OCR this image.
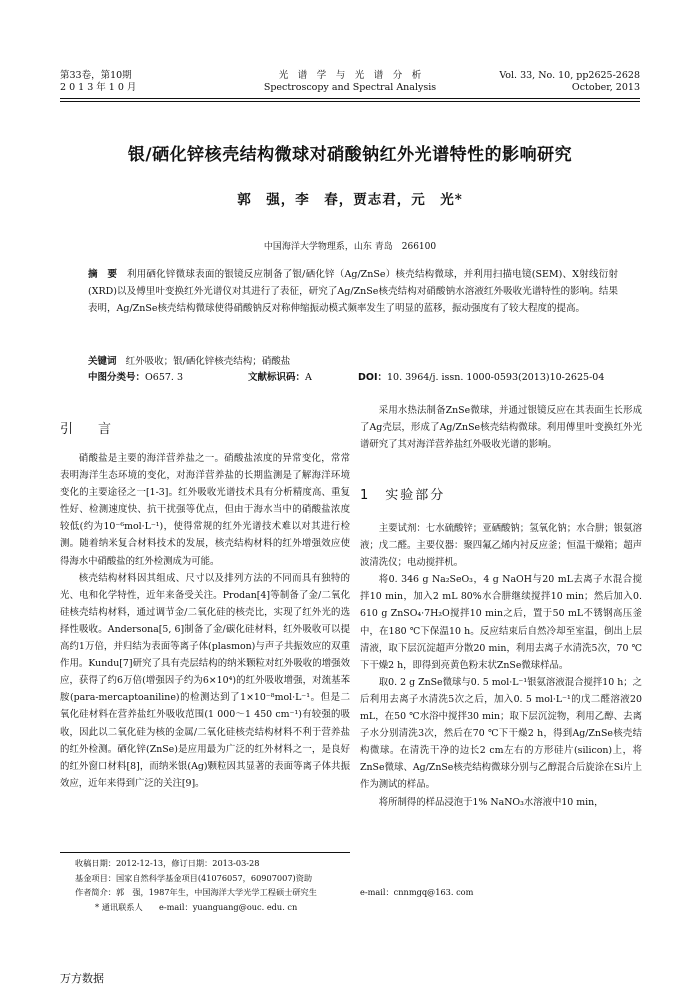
第33卷，第10期
2 0 1 3 年 1 0 月
光　谱　学　与　光　谱　分　析
Spectroscopy and Spectral Analysis
Vol. 33, No. 10, pp2625-2628
October, 2013
银/硒化锌核壳结构微球对硝酸钠红外光谱特性的影响研究
郭　强，李　春，贾志君，元　光*
中国海洋大学物理系，山东 青岛　266100
摘　要 利用硒化锌微球表面的银镜反应制备了银/硒化锌（Ag/ZnSe）核壳结构微球，并利用扫描电镜(SEM)、X射线衍射(XRD)以及傅里叶变换红外光谱仪对其进行了表征，研究了Ag/ZnSe核壳结构对硝酸钠水溶液红外吸收光谱特性的影响。结果表明，Ag/ZnSe核壳结构微球使得硝酸钠反对称伸缩振动模式频率发生了明显的蓝移，振动强度有了较大程度的提高。
关键词 红外吸收；银/硒化锌核壳结构；硝酸盐
中图分类号：O657. 3	文献标识码：A	DOI：10. 3964/j. issn. 1000-0593(2013)10-2625-04
引　言

硝酸盐是主要的海洋营养盐之一。硝酸盐浓度的异常变化，常常表明海洋生态环境的变化，对海洋营养盐的长期监测是了解海洋环境变化的主要途径之一[1-3]。红外吸收光谱技术具有分析精度高、重复性好、检测速度快、抗干扰强等优点，但由于海水当中的硝酸盐浓度较低(约为10⁻⁶mol·L⁻¹)，使得常规的红外光谱技术难以对其进行检测。随着纳米复合材料技术的发展，核壳结构材料的红外增强效应使得海水中硝酸盐的红外检测成为可能。

核壳结构材料因其组成、尺寸以及排列方法的不同而具有独特的光、电和化学特性，近年来备受关注。Prodan[4]等制备了金/二氧化硅核壳结构材料，通过调节金/二氧化硅的核壳比，实现了红外光的选择性吸收。Andersona[5, 6]制备了金/碳化硅材料，红外吸收可以提高约1万倍，并归结为表面等离子体(plasmon)与声子共振效应的双重作用。Kundu[7]研究了具有壳层结构的纳米颗粒对红外吸收的增强效应，获得了约6万倍(增强因子约为6×10⁴)的红外吸收增强，对巯基苯胺(para-mercaptoaniline)的检测达到了1×10⁻⁸mol·L⁻¹。但是二氧化硅材料在营养盐红外吸收范围(1 000～1 450 cm⁻¹)有较强的吸收，因此以二氧化硅为核的金属/二氧化硅核壳结构材料不利于营养盐的红外检测。硒化锌(ZnSe)是应用最为广泛的红外材料之一，是良好的红外窗口材料[8]，而纳米银(Ag)颗粒因其显著的表面等离子体共振效应，近年来得到广泛的关注[9]。

采用水热法制备ZnSe微球，并通过银镜反应在其表面生长形成了Ag壳层，形成了Ag/ZnSe核壳结构微球。利用傅里叶变换红外光谱研究了其对海洋营养盐红外吸收光谱的影响。

1　实验部分

主要试剂：七水硫酸锌；亚硒酸钠；氢氧化钠；水合肼；银氨溶液；戊二醛。主要仪器：聚四氟乙烯内衬反应釜；恒温干燥箱；超声波清洗仪；电动搅拌机。

将0. 346 g Na₂SeO₃，4 g NaOH与20 mL去离子水混合搅拌10 min，加入2 mL 80%水合肼继续搅拌10 min；然后加入0. 610 g ZnSO₄·7H₂O搅拌10 min之后，置于50 mL不锈钢高压釜中，在180 ℃下保温10 h。反应结束后自然冷却至室温，倒出上层清液，取下层沉淀超声分散20 min，利用去离子水清洗5次，70 ℃下干燥2 h，即得到亮黄色粉末状ZnSe微球样品。

取0. 2 g ZnSe微球与0. 5 mol·L⁻¹银氨溶液混合搅拌10 h；之后利用去离子水清洗5次之后，加入0. 5 mol·L⁻¹的戊二醛溶液20 mL，在50 ℃水浴中搅拌30 min；取下层沉淀物，利用乙醇、去离子水分别清洗3次，然后在70 ℃下干燥2 h，得到Ag/ZnSe核壳结构微球。在清洗干净的边长2 cm左右的方形硅片(silicon)上，将ZnSe微球、Ag/ZnSe核壳结构微球分别与乙醇混合后旋涂在Si片上作为测试的样品。

将所制得的样品浸泡于1% NaNO₃水溶液中10 min，

收稿日期：2012-12-13，修订日期：2013-03-28
基金项目：国家自然科学基金项目(41076057，60907007)资助
作者简介：郭　强，1987年生，中国海洋大学光学工程硕士研究生	e-mail：cnnmgq@163. com
* 通讯联系人　　e-mail：yuanguang@ouc. edu. cn
万方数据
